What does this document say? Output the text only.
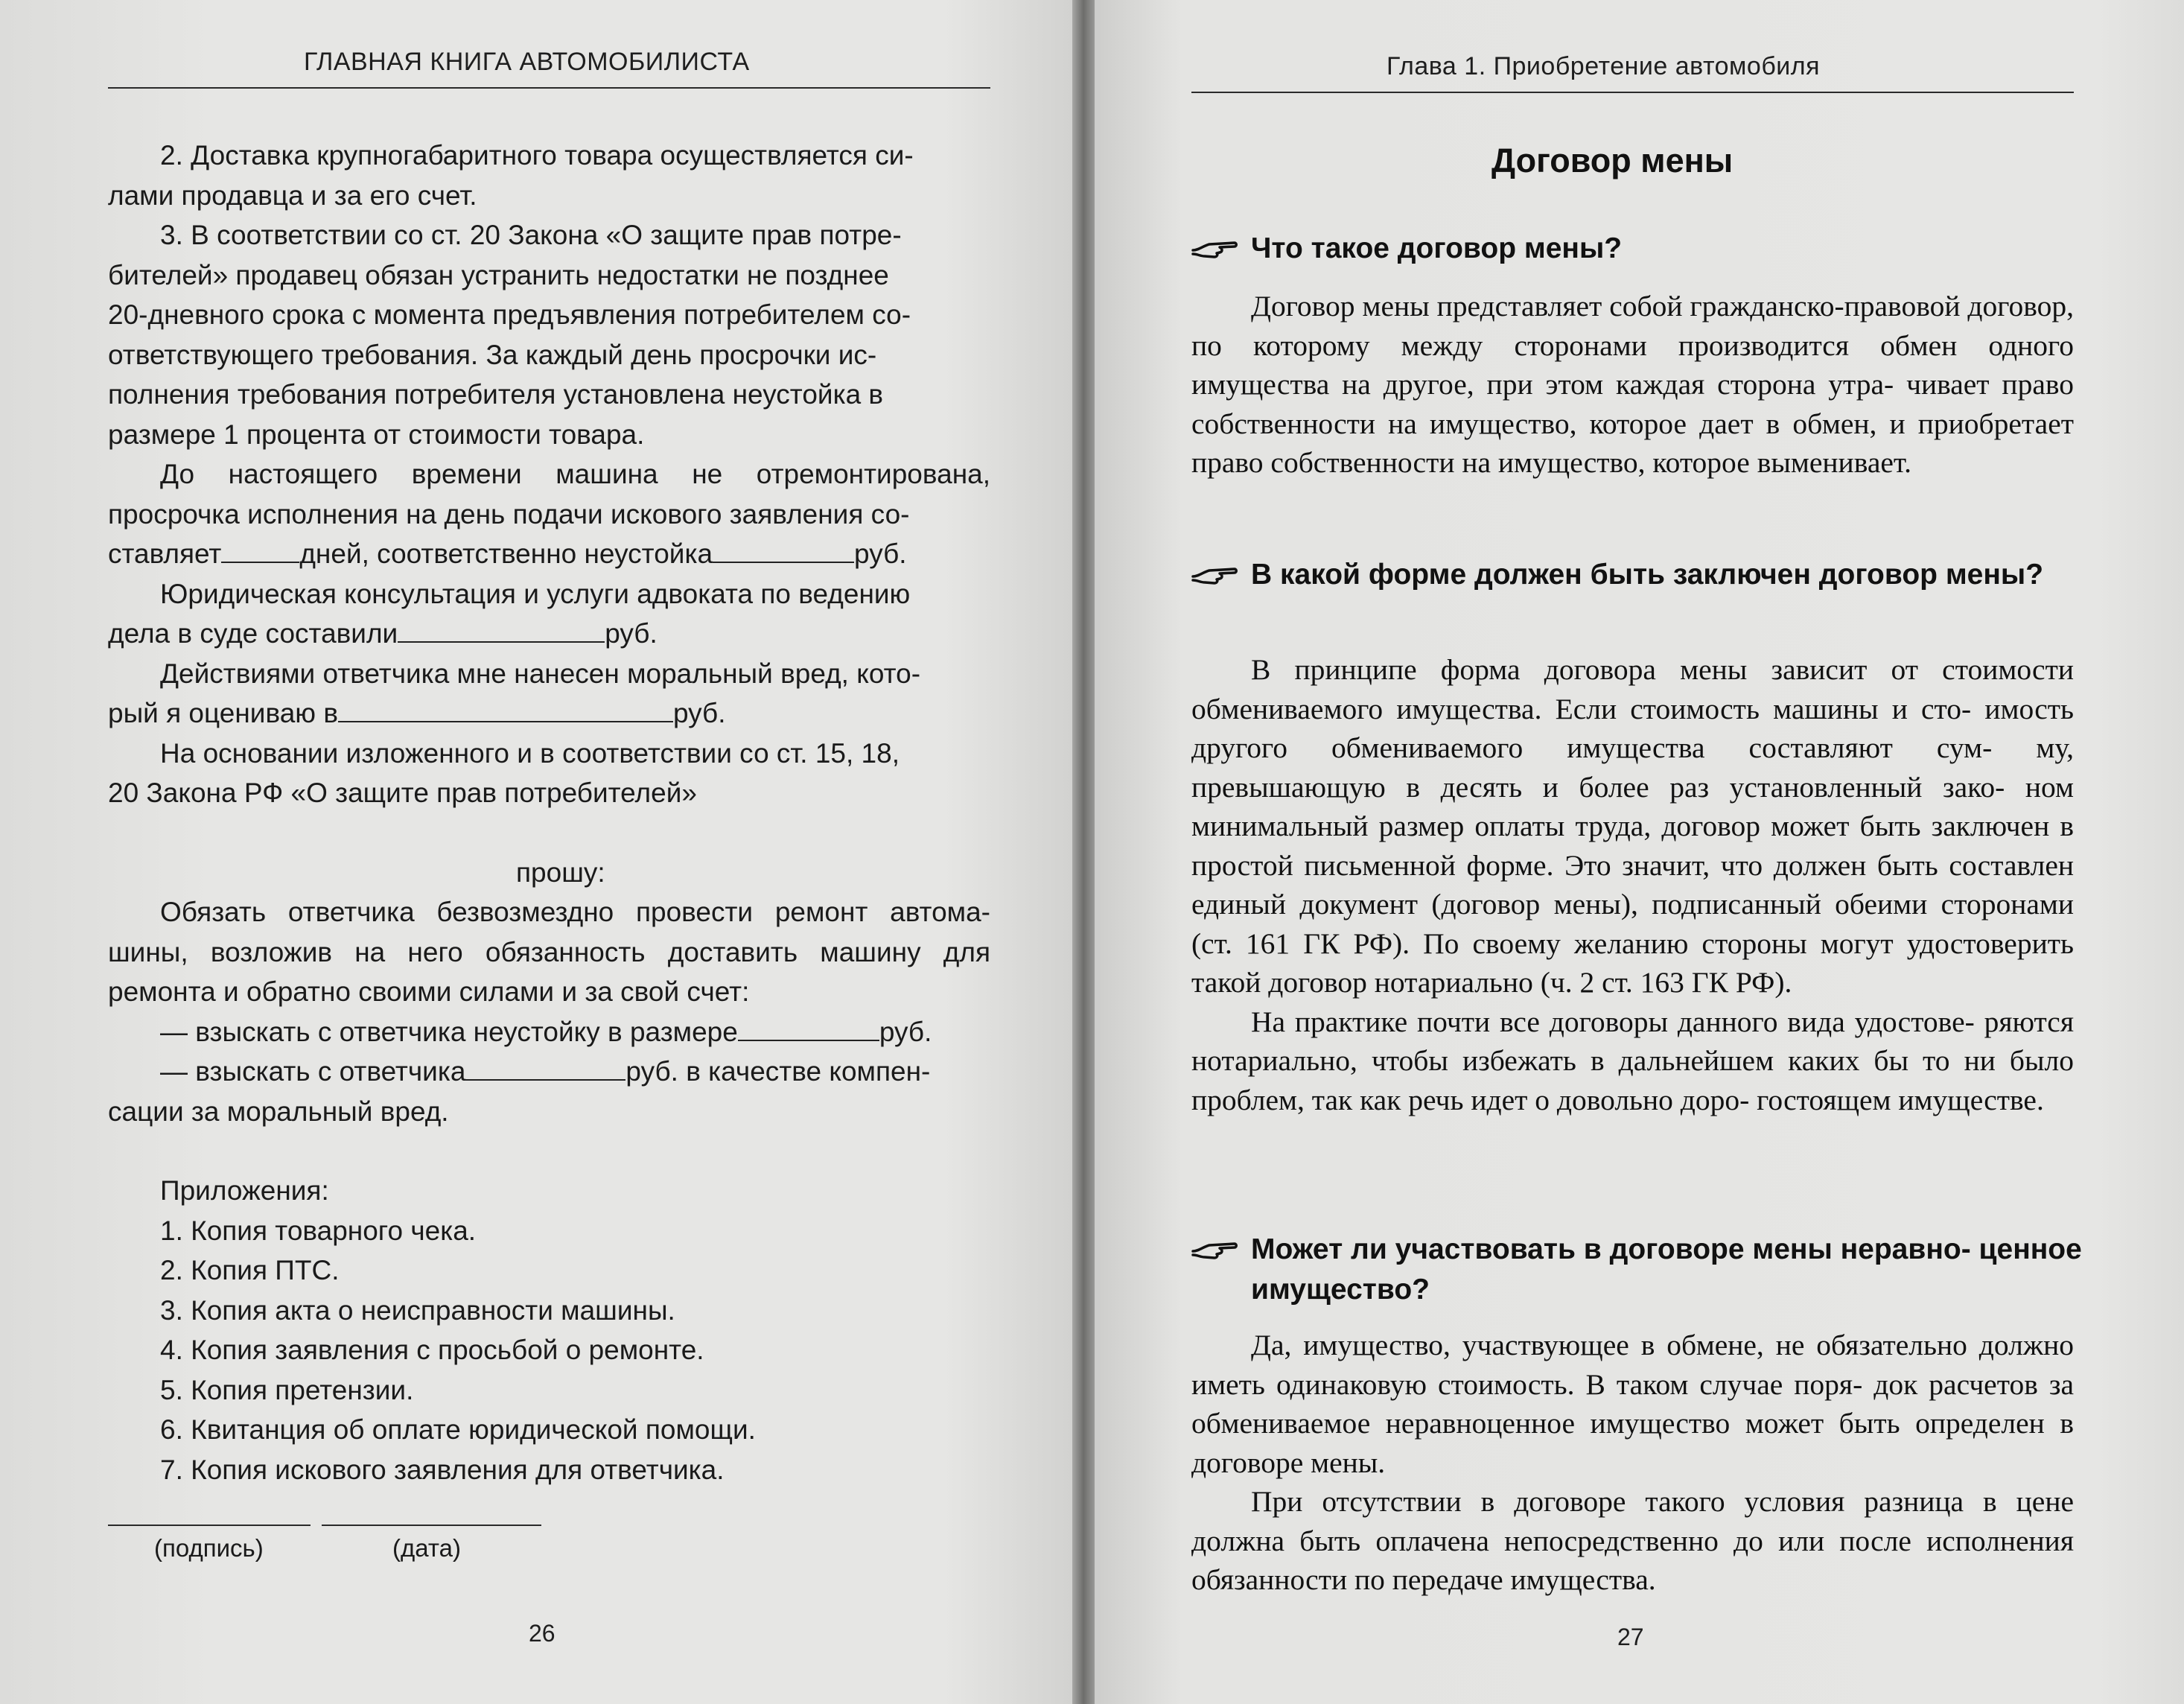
ГЛАВНАЯ КНИГА АВТОМОБИЛИСТА
2. Доставка крупногабаритного товара осуществляется си-
лами продавца и за его счет.
3. В соответствии со ст. 20 Закона «О защите прав потре-
бителей» продавец обязан устранить недостатки не позднее
20-дневного срока с момента предъявления потребителем со-
ответствующего требования. За каждый день просрочки ис-
полнения требования потребителя установлена неустойка в
размере 1 процента от стоимости товара.

До настоящего времени машина не отремонтирована, просрочка исполнения на день подачи искового заявления со-

ставляет	дней, соответственно неустойка	руб.
Юридическая консультация и услуги адвоката по ведению
дела в суде составили	руб.
Действиями ответчика мне нанесен моральный вред, кото-
рый я оцениваю в	руб.
На основании изложенного и в соответствии со ст. 15, 18,
20 Закона РФ «О защите прав потребителей»
прошу:

Обязать ответчика безвозмездно провести ремонт автома- шины, возложив на него обязанность доставить машину для ремонта и обратно своими силами и за свой счет:

— взыскать с ответчика неустойку в размере	руб.
— взыскать с ответчика	руб. в качестве компен-
сации за моральный вред.
Приложения:
1. Копия товарного чека.
2. Копия ПТС.
3. Копия акта о неисправности машины.
4. Копия заявления с просьбой о ремонте.
5. Копия претензии.
6. Квитанция об оплате юридической помощи.
7. Копия искового заявления для ответчика.
(подпись)	(дата)
26
Глава 1. Приобретение автомобиля
Договор мены
Что такое договор мены?

Договор мены представляет собой гражданско-правовой договор, по которому между сторонами производится обмен одного имущества на другое, при этом каждая сторона утра- чивает право собственности на имущество, которое дает в обмен, и приобретает право собственности на имущество, которое выменивает.

В какой форме должен быть заключен договор мены?

В принципе форма договора мены зависит от стоимости обмениваемого имущества. Если стоимость машины и сто- имость другого обмениваемого имущества составляют сум- му, превышающую в десять и более раз установленный зако- ном минимальный размер оплаты труда, договор может быть заключен в простой письменной форме. Это значит, что должен быть составлен единый документ (договор мены), подписанный обеими сторонами (ст. 161 ГК РФ). По своему желанию стороны могут удостоверить такой договор нотариально (ч. 2 ст. 163 ГК РФ).

На практике почти все договоры данного вида удостове- ряются нотариально, чтобы избежать в дальнейшем каких бы то ни было проблем, так как речь идет о довольно доро- гостоящем имуществе.

Может ли участвовать в договоре мены неравно- ценное имущество?

Да, имущество, участвующее в обмене, не обязательно должно иметь одинаковую стоимость. В таком случае поря- док расчетов за обмениваемое неравноценное имущество может быть определен в договоре мены.

При отсутствии в договоре такого условия разница в цене должна быть оплачена непосредственно до или после исполнения обязанности по передаче имущества.

27
